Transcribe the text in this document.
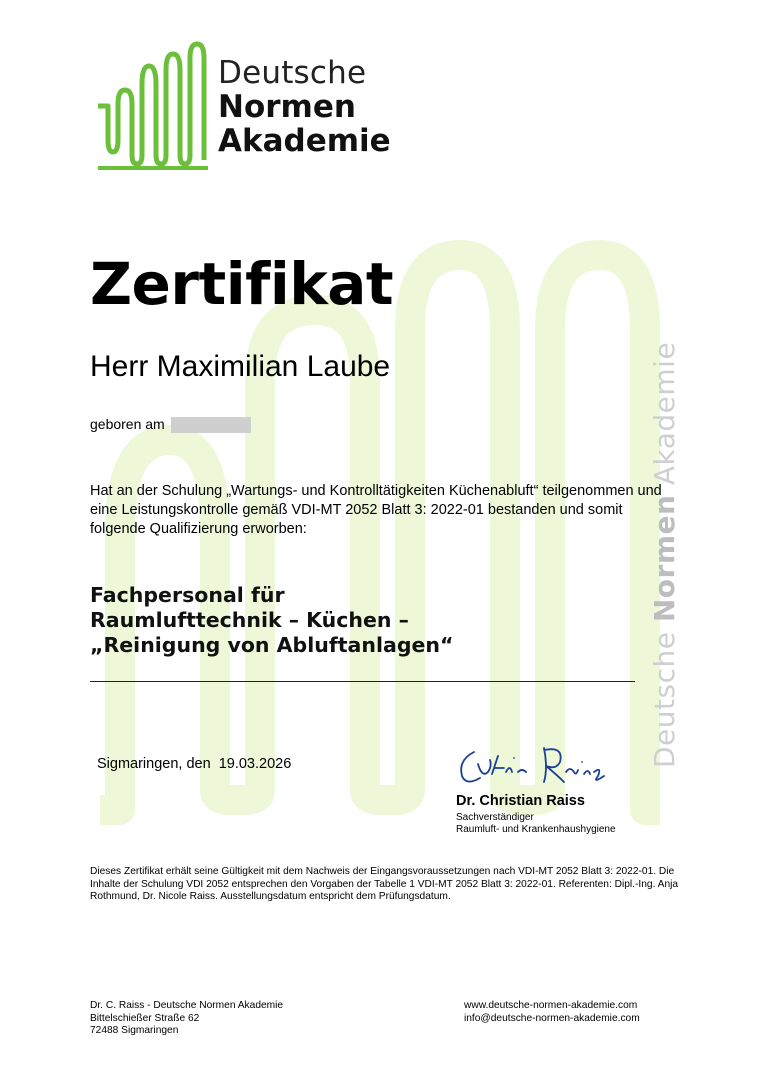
Deutsche Normen Akademie
Deutsche
Normen
Akademie
Zertifikat
Herr Maximilian Laube
geboren am
Hat an der Schulung „Wartungs- und Kontrolltätigkeiten Küchenabluft“ teilgenommen und eine Leistungskontrolle gemäß VDI-MT 2052 Blatt 3: 2022-01 bestanden und somit folgende Qualifizierung erworben:
Fachpersonal für
Raumlufttechnik – Küchen –
„Reinigung von Abluftanlagen“
Sigmaringen, den  19.03.2026
Dr. Christian Raiss
Sachverständiger
Raumluft- und Krankenhaushygiene
Dieses Zertifikat erhält seine Gültigkeit mit dem Nachweis der Eingangsvoraussetzungen nach VDI-MT 2052 Blatt 3: 2022-01. Die Inhalte der Schulung VDI 2052 entsprechen den Vorgaben der Tabelle 1 VDI-MT 2052 Blatt 3: 2022-01. Referenten: Dipl.-Ing. Anja Rothmund, Dr. Nicole Raiss. Ausstellungsdatum entspricht dem Prüfungsdatum.
Dr. C. Raiss - Deutsche Normen Akademie
Bittelschießer Straße 62
72488 Sigmaringen
www.deutsche-normen-akademie.com
info@deutsche-normen-akademie.com
